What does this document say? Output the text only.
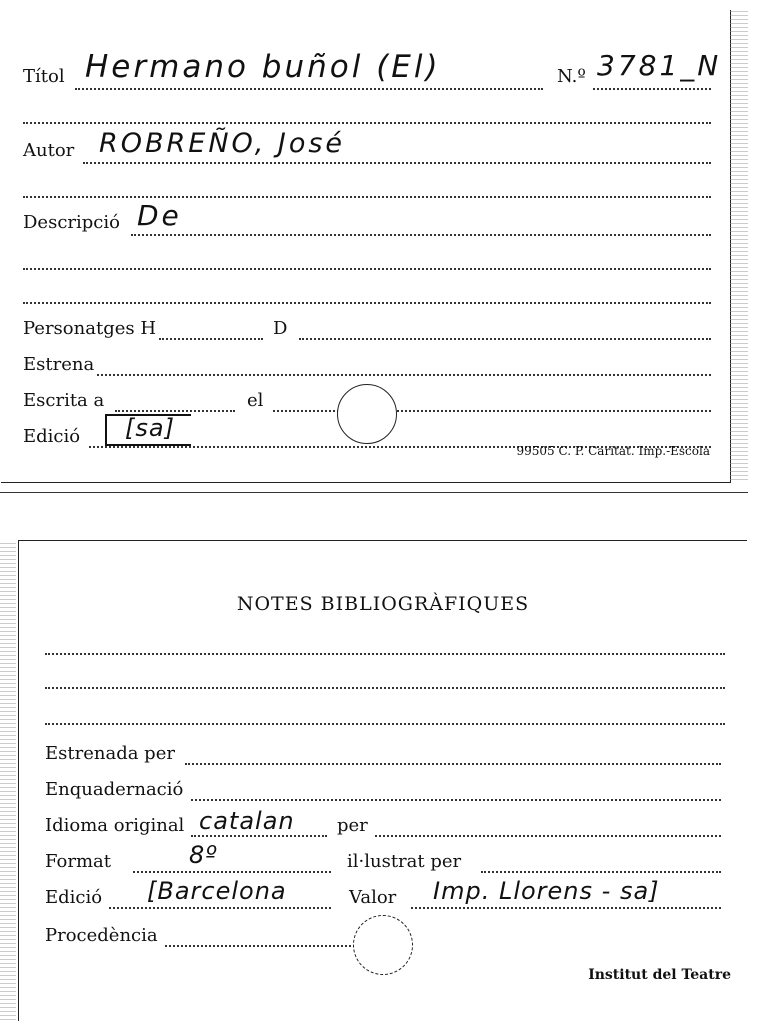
Títol Hermano buñol (El)	N.º 3781_N
Autor ROBREÑO, José
Descripció De
Personatges H	D
Estrena
Escrita a	el
Edició [sa]
99505 C. P. Caritat. Imp.-Escola
NOTES BIBLIOGRÀFIQUES
Estrenada per
Enquadernació
Idioma original catalan per
Format	8º	il·lustrat per
Edició [Barcelona	Valor Imp. Llorens - sa]
Procedència
Institut del Teatre
